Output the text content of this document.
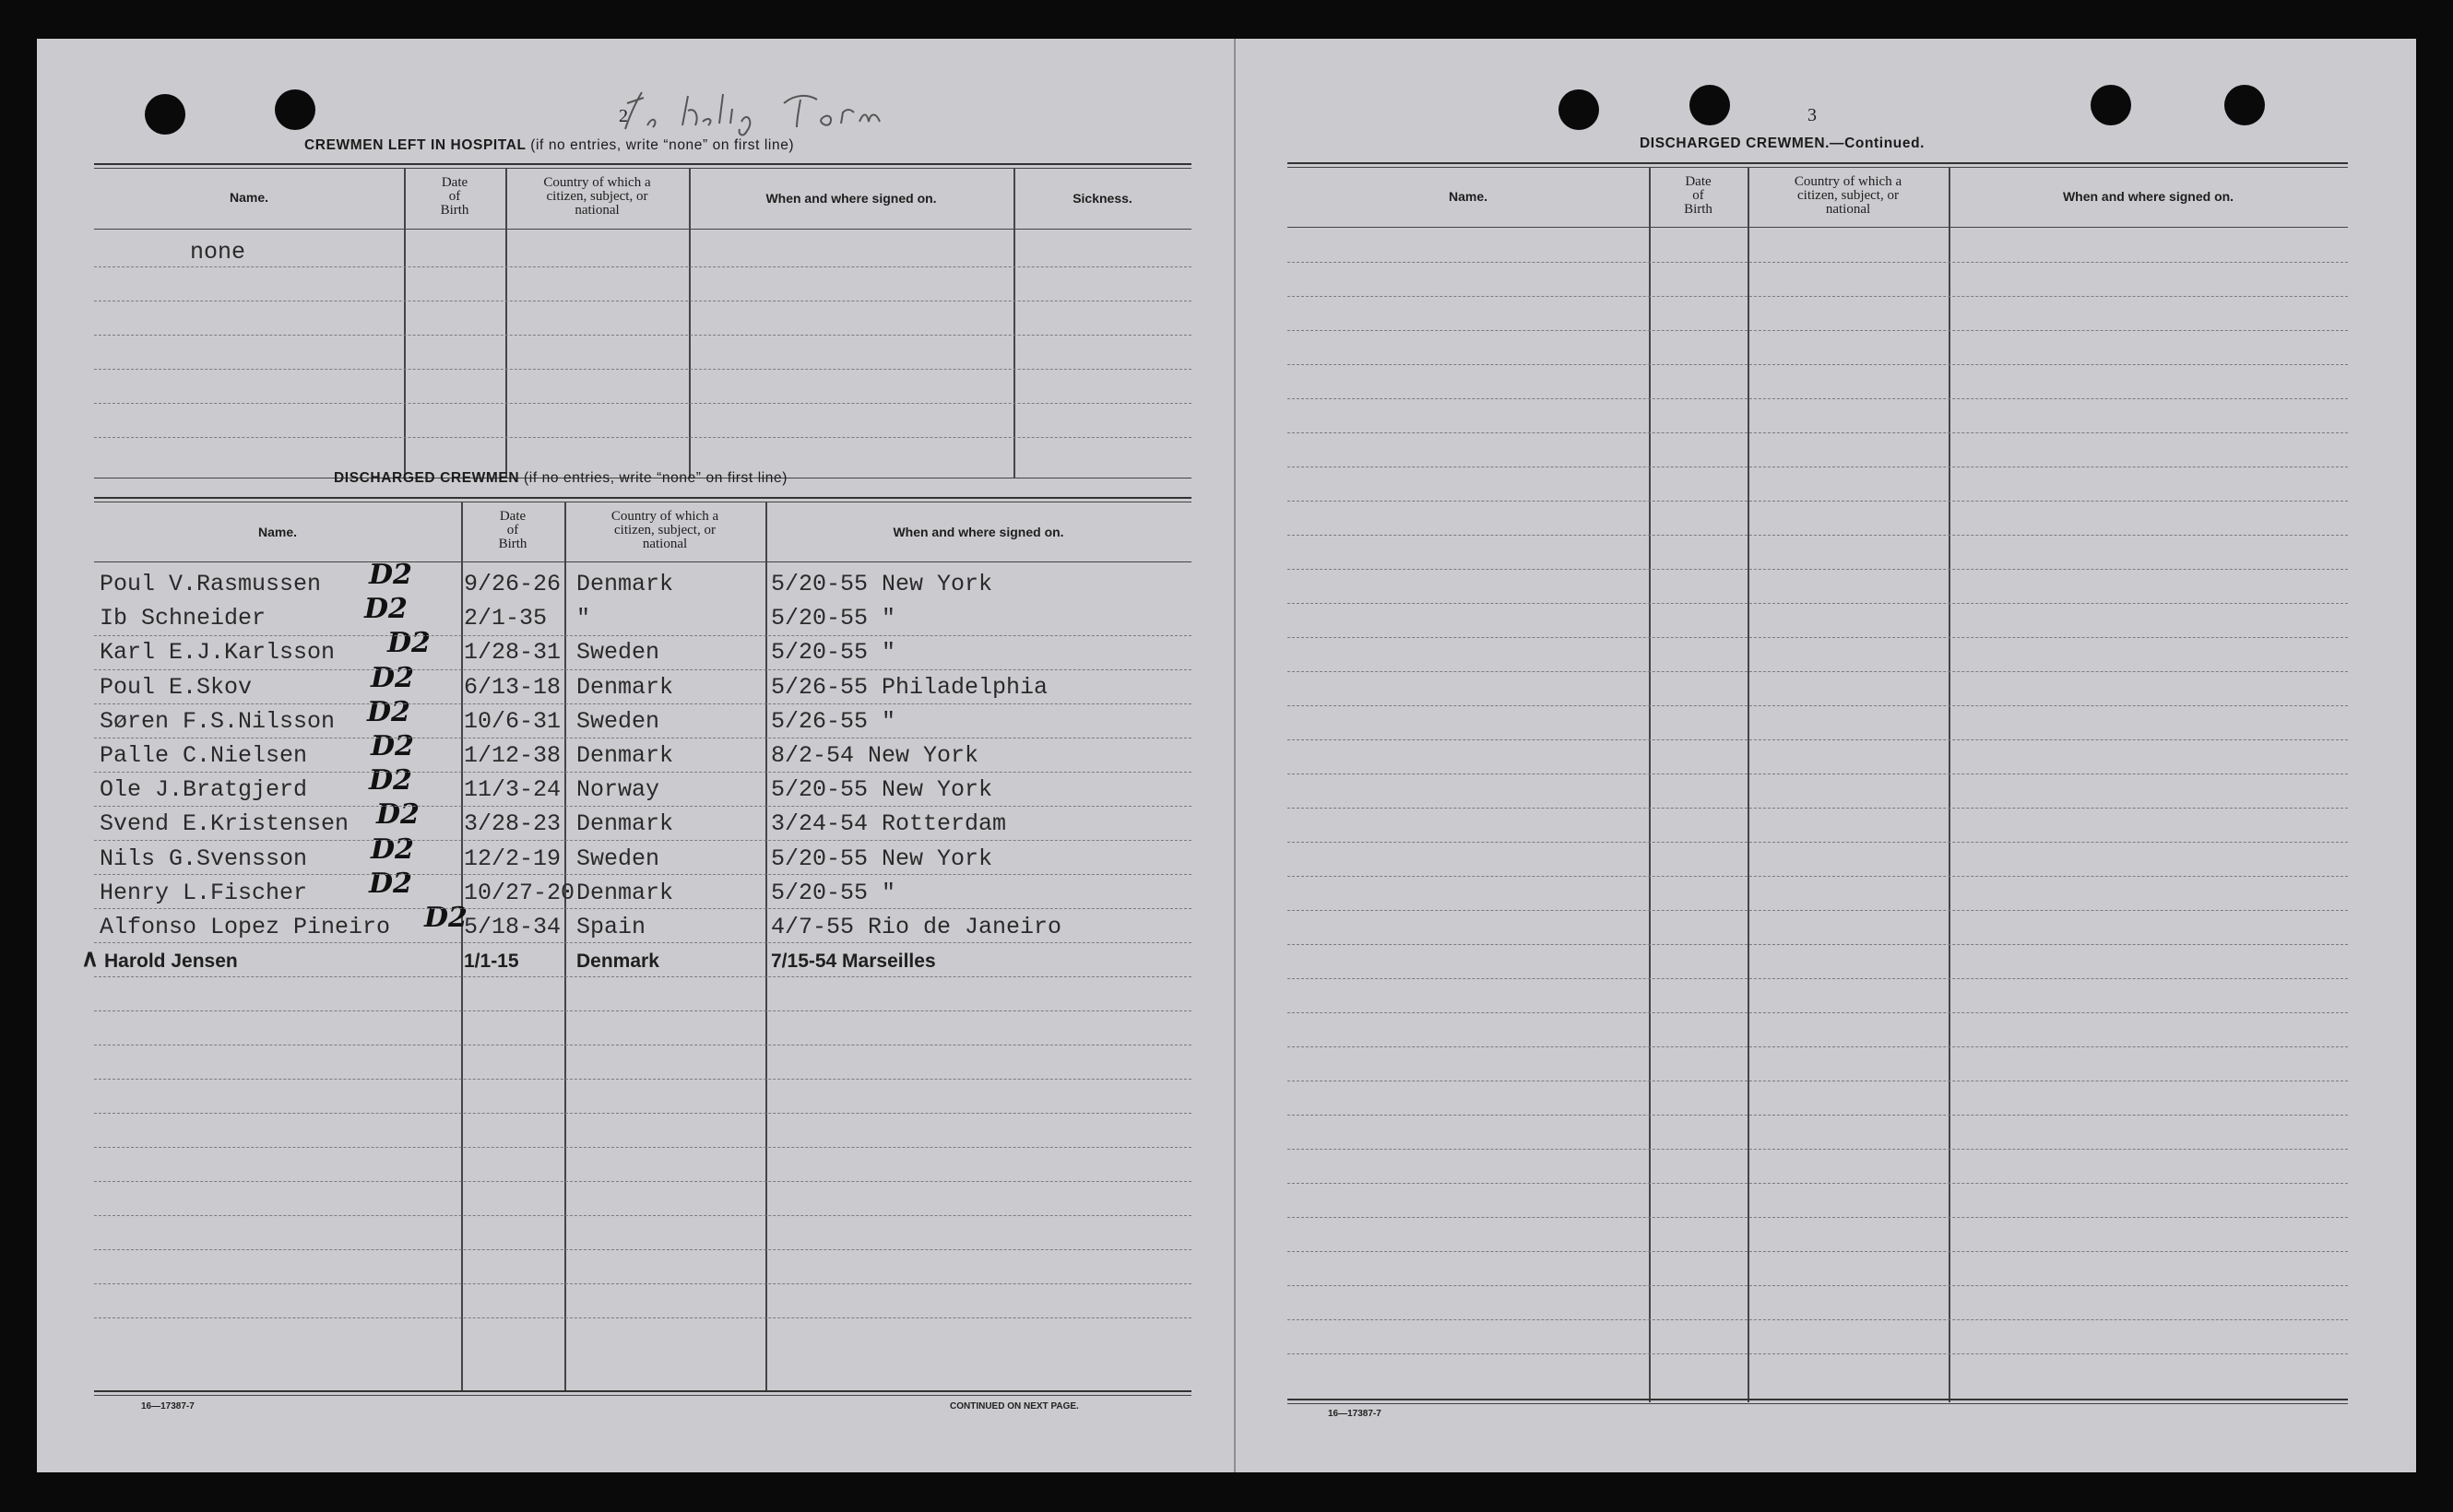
2
CREWMEN LEFT IN HOSPITAL (if no entries, write “none” on first line)
Name.
Date
of
Birth
Country of which a
citizen, subject, or
national
When and where signed on.	Sickness.
none
DISCHARGED CREWMEN (if no entries, write “none” on first line)
Name.
Date
of
Birth
Country of which a
citizen, subject, or
national
When and where signed on.
Poul V.Rasmussen	9/26-26 Denmark	5/20-55 New York
D2
Ib Schneider	2/1-35 "	5/20-55 "
D2
Karl E.J.Karlsson	1/28-31 Sweden	5/20-55 "
D2
Poul E.Skov	6/13-18 Denmark	5/26-55 Philadelphia
D2
Søren F.S.Nilsson	10/6-31 Sweden	5/26-55 "
D2
Palle C.Nielsen	1/12-38 Denmark	8/2-54 New York
D2
Ole J.Bratgjerd	11/3-24 Norway	5/20-55 New York
D2
Svend E.Kristensen	3/28-23 Denmark	3/24-54 Rotterdam
D2
Nils G.Svensson	12/2-19 Sweden	5/20-55 New York
D2
Henry L.Fischer	10/27-20 Denmark	5/20-55 "
D2
Alfonso Lopez Pineiro	5/18-34 Spain	4/7-55 Rio de Janeiro
D2
Harold Jensen	1/1-15	Denmark	7/15-54 Marseilles
∧
16—17387-7	CONTINUED ON NEXT PAGE.
3
DISCHARGED CREWMEN.—Continued.
Name.
Date
of
Birth
Country of which a
citizen, subject, or
national
When and where signed on.
16—17387-7
